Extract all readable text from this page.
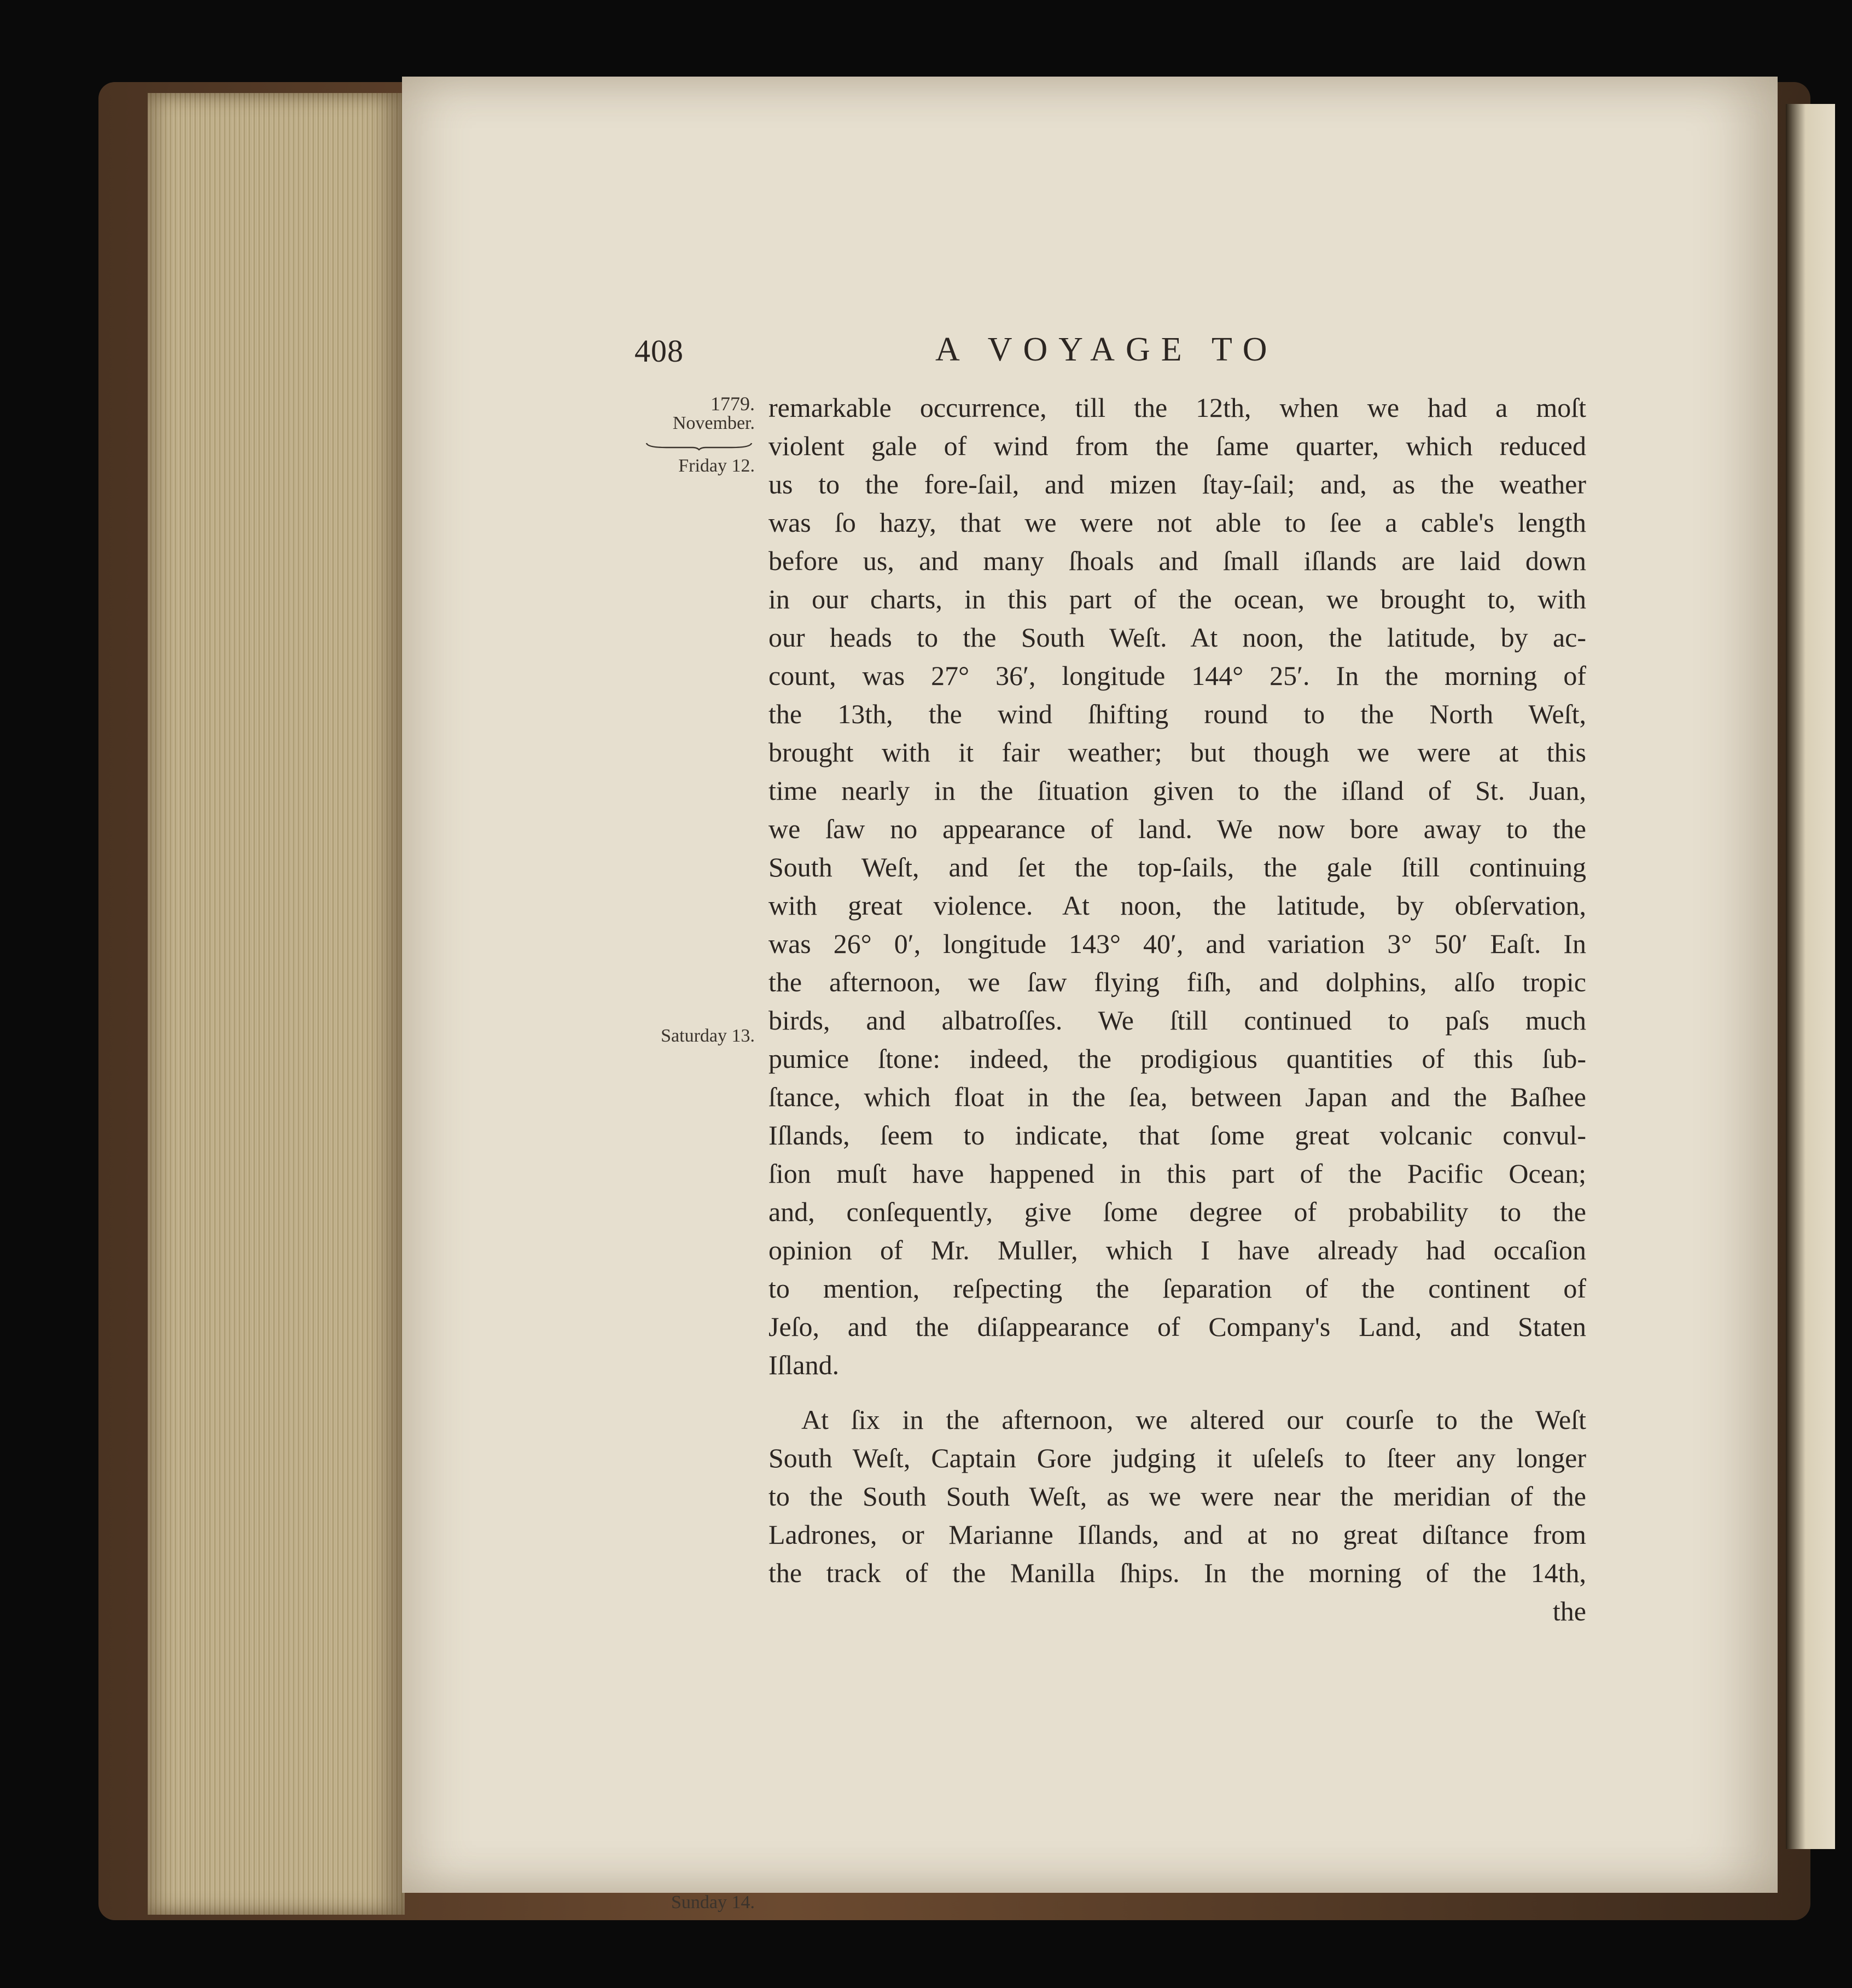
408	A VOYAGE TO
1779.
November.
Friday 12.
Saturday 13.
Sunday 14.
remarkable occurrence, till the 12th, when we had a moſt
violent gale of wind from the ſame quarter, which reduced
us to the fore-ſail, and mizen ſtay-ſail; and, as the weather
was ſo hazy, that we were not able to ſee a cable's length
before us, and many ſhoals and ſmall iſlands are laid down
in our charts, in this part of the ocean, we brought to, with
our heads to the South Weſt. At noon, the latitude, by ac-
count, was 27° 36′, longitude 144° 25′. In the morning of
the 13th, the wind ſhifting round to the North Weſt,
brought with it fair weather; but though we were at this
time nearly in the ſituation given to the iſland of St. Juan,
we ſaw no appearance of land. We now bore away to the
South Weſt, and ſet the top-ſails, the gale ſtill continuing
with great violence. At noon, the latitude, by obſervation,
was 26° 0′, longitude 143° 40′, and variation 3° 50′ Eaſt. In
the afternoon, we ſaw flying fiſh, and dolphins, alſo tropic
birds, and albatroſſes. We ſtill continued to paſs much
pumice ſtone: indeed, the prodigious quantities of this ſub-
ſtance, which float in the ſea, between Japan and the Baſhee
Iſlands, ſeem to indicate, that ſome great volcanic convul-
ſion muſt have happened in this part of the Pacific Ocean;
and, conſequently, give ſome degree of probability to the
opinion of Mr. Muller, which I have already had occaſion
to mention, reſpecting the ſeparation of the continent of
Jeſo, and the diſappearance of Company's Land, and Staten
Iſland.
At ſix in the afternoon, we altered our courſe to the Weſt
South Weſt, Captain Gore judging it uſeleſs to ſteer any longer
to the South South Weſt, as we were near the meridian of the
Ladrones, or Marianne Iſlands, and at no great diſtance from
the track of the Manilla ſhips. In the morning of the 14th,
the
